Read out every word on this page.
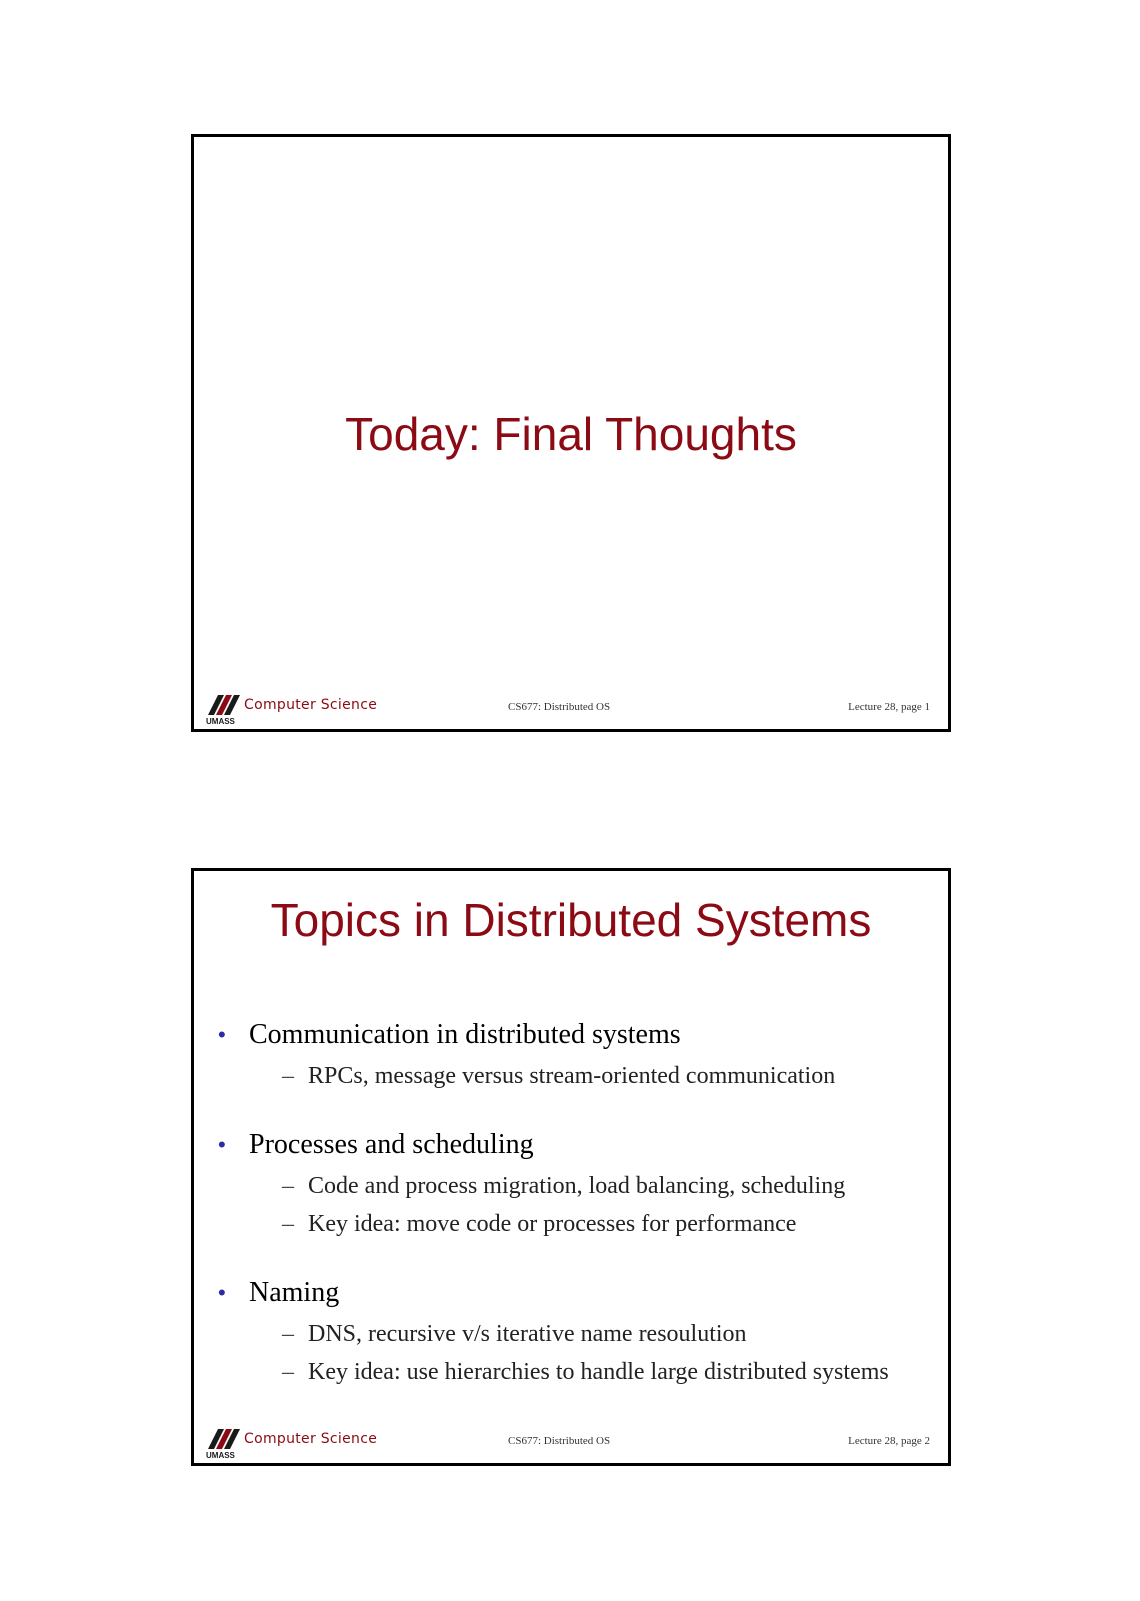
Today: Final Thoughts
UMASS
Computer Science	CS677: Distributed OS	Lecture 28, page 1
Topics in Distributed Systems
• Communication in distributed systems
– RPCs, message versus stream-oriented communication
• Processes and scheduling
– Code and process migration, load balancing, scheduling
– Key idea: move code or processes for performance
• Naming
– DNS, recursive v/s iterative name resoulution
– Key idea: use hierarchies to handle large distributed systems
UMASS
Computer Science	CS677: Distributed OS	Lecture 28, page 2
